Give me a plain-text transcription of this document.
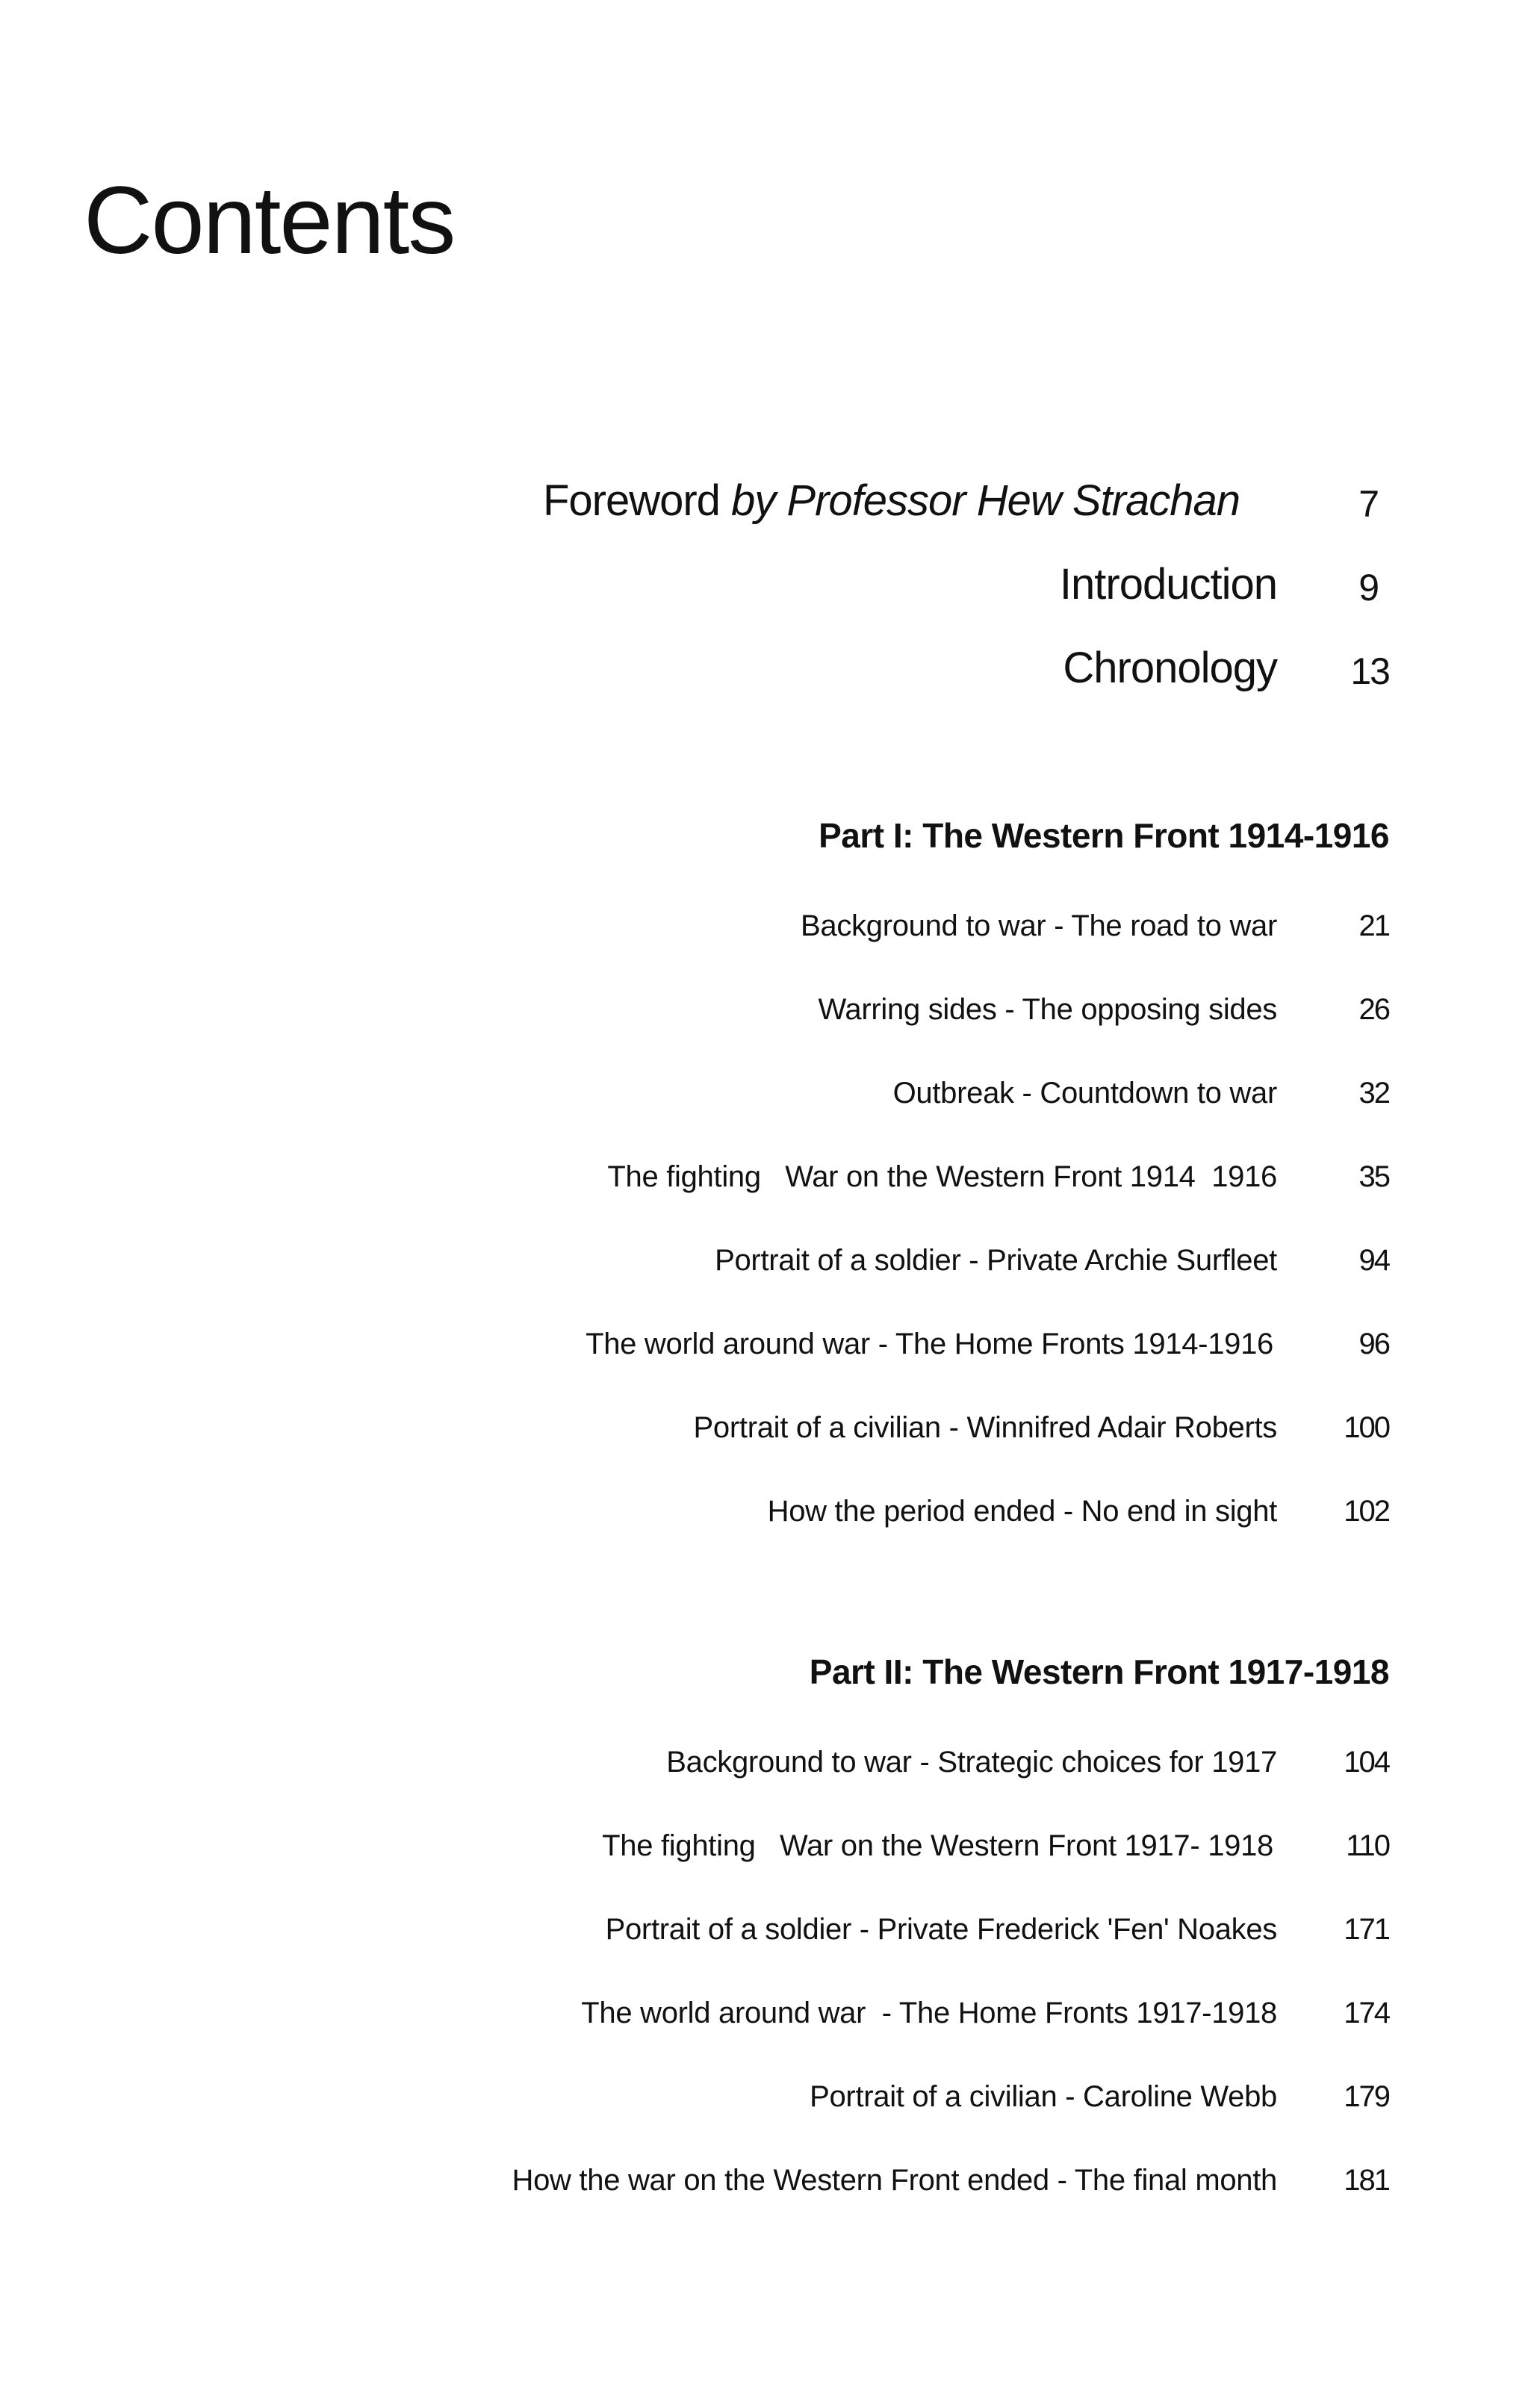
Contents
Foreword by Professor Hew Strachan	7
Introduction 9
Chronology 13
Part I: The Western Front 1914-1916
Background to war - The road to war	21
Warring sides - The opposing sides	26
Outbreak - Countdown to war	32
The fighting   War on the Western Front 1914  1916	35
Portrait of a soldier - Private Archie Surfleet	94
The world around war - The Home Fronts 1914-1916	96
Portrait of a civilian - Winnifred Adair Roberts 100
How the period ended - No end in sight 102
Part II: The Western Front 1917-1918
Background to war - Strategic choices for 1917 104
The fighting   War on the Western Front 1917- 1918 110
Portrait of a soldier - Private Frederick 'Fen' Noakes 171
The world around war  - The Home Fronts 1917-1918 174
Portrait of a civilian - Caroline Webb 179
How the war on the Western Front ended - The final month 181
